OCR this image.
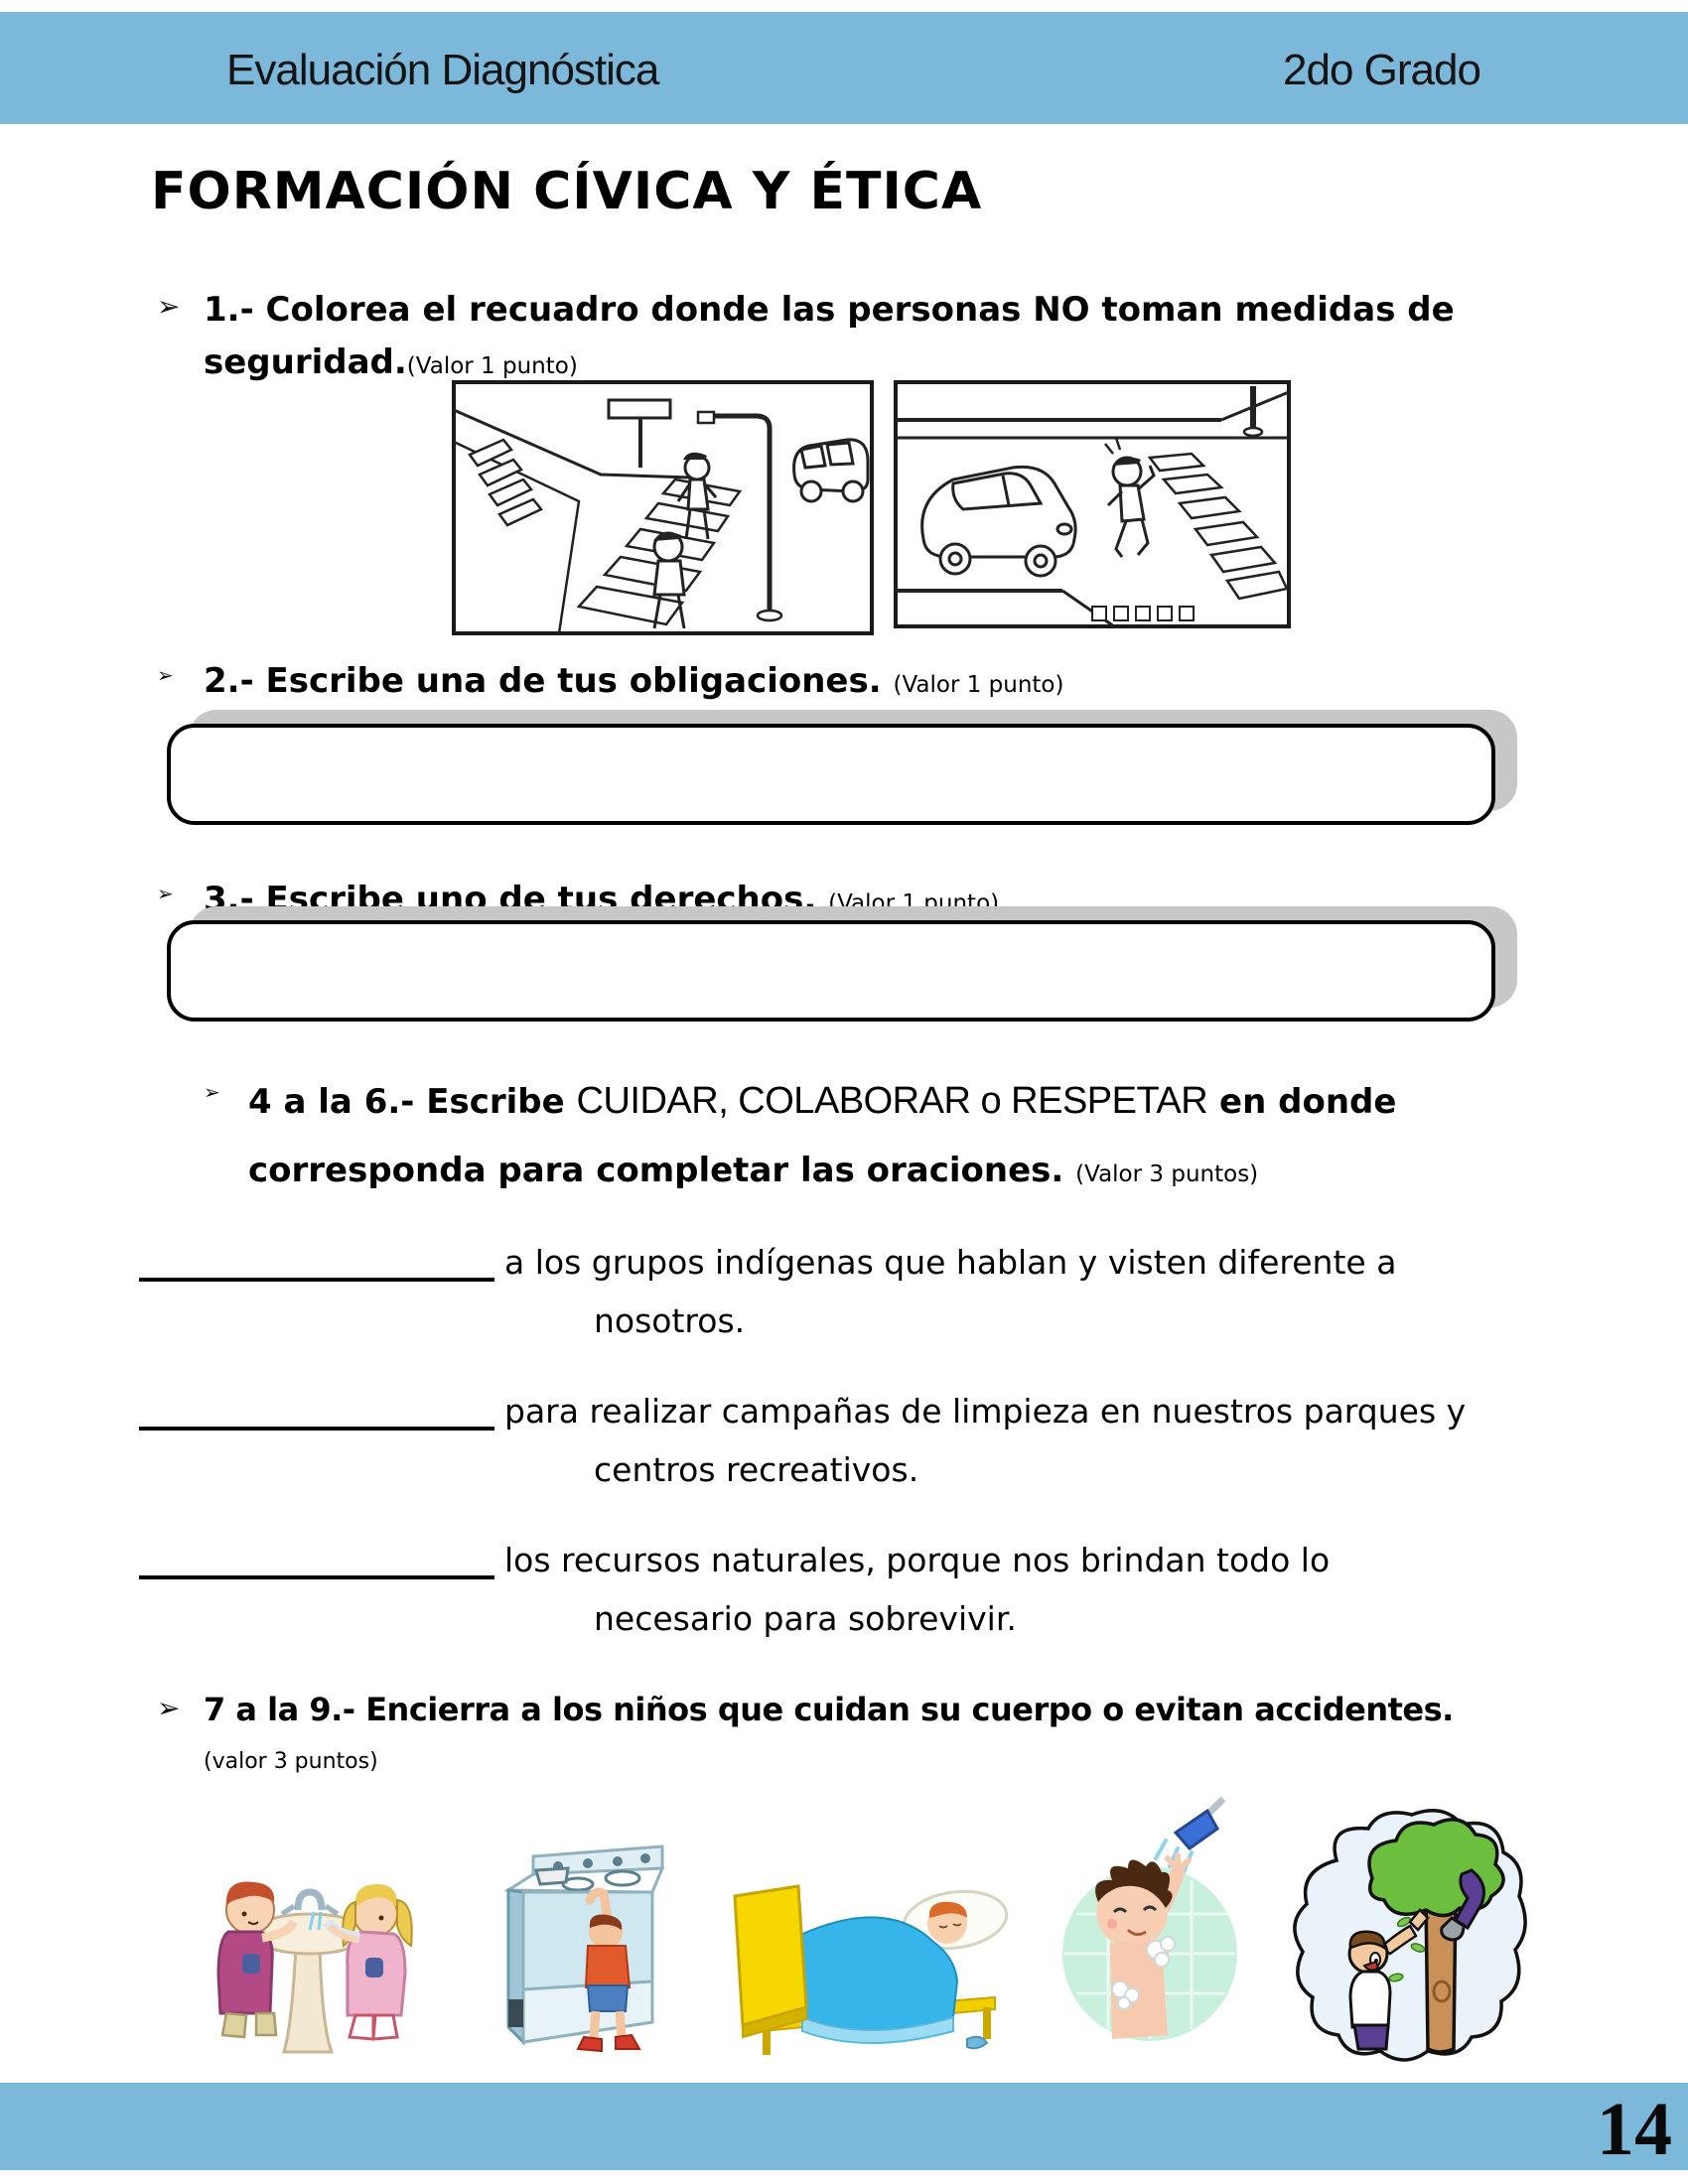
Evaluación Diagnóstica	2do Grado
FORMACIÓN CÍVICA Y ÉTICA
➢ 1.- Colorea el recuadro donde las personas NO toman medidas de
seguridad.(Valor 1 punto)
➢ 2.- Escribe una de tus obligaciones. (Valor 1 punto)
➢ 3.- Escribe uno de tus derechos. (Valor 1 punto)
➢ 4 a la 6.- Escribe CUIDAR, COLABORAR o RESPETAR en donde
corresponda para completar las oraciones. (Valor 3 puntos)
a los grupos indígenas que hablan y visten diferente a
nosotros.
para realizar campañas de limpieza en nuestros parques y
centros recreativos.
los recursos naturales, porque nos brindan todo lo
necesario para sobrevivir.
➢ 7 a la 9.- Encierra a los niños que cuidan su cuerpo o evitan accidentes.
(valor 3 puntos)
14
